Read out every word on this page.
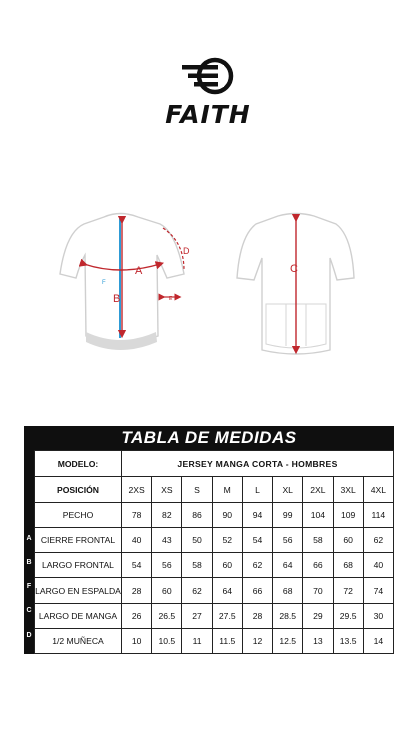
FAITH
A
B
D
E
F
C
TABLA DE MEDIDAS
A
B
F
C
D
E
MODELO:	JERSEY MANGA CORTA - HOMBRES								
POSICIÓN	2XS	XS	S	M	L	XL	2XL	3XL	4XL
PECHO	78	82	86	90	94	99	104	109	114
CIERRE FRONTAL	40	43	50	52	54	56	58	60	62
LARGO FRONTAL	54	56	58	60	62	64	66	68	40
LARGO EN ESPALDA	28	60	62	64	66	68	70	72	74
LARGO DE MANGA	26	26.5	27	27.5	28	28.5	29	29.5	30
1/2 MUÑECA	10	10.5	11	11.5	12	12.5	13	13.5	14
